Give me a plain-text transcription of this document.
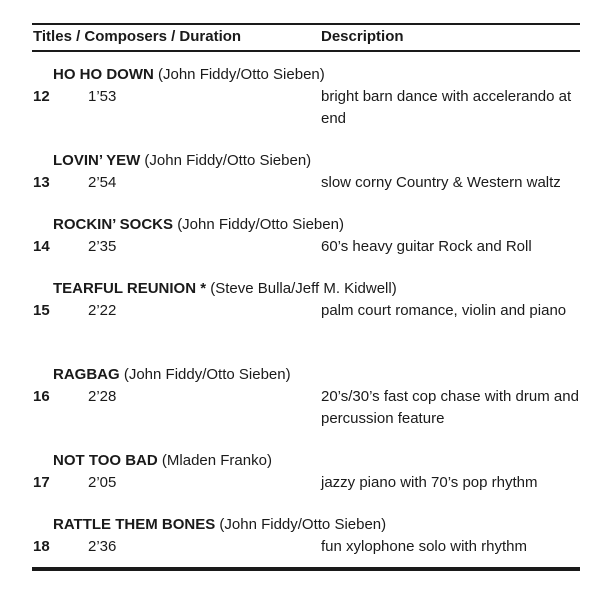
Titles / Composers / Duration	Description
HO HO DOWN (John Fiddy/Otto Sieben)
12	1’53	bright barn dance with accelerando at end
LOVIN’ YEW (John Fiddy/Otto Sieben)
13	2’54	slow corny Country & Western waltz
ROCKIN’ SOCKS (John Fiddy/Otto Sieben)
14	2’35	60’s heavy guitar Rock and Roll
TEARFUL REUNION * (Steve Bulla/Jeff M. Kidwell)
15	2’22	palm court romance, violin and piano
RAGBAG (John Fiddy/Otto Sieben)
16	2’28	20’s/30’s fast cop chase with drum and percussion feature
NOT TOO BAD (Mladen Franko)
17	2’05	jazzy piano with 70’s pop rhythm
RATTLE THEM BONES (John Fiddy/Otto Sieben)
18	2’36	fun xylophone solo with rhythm
